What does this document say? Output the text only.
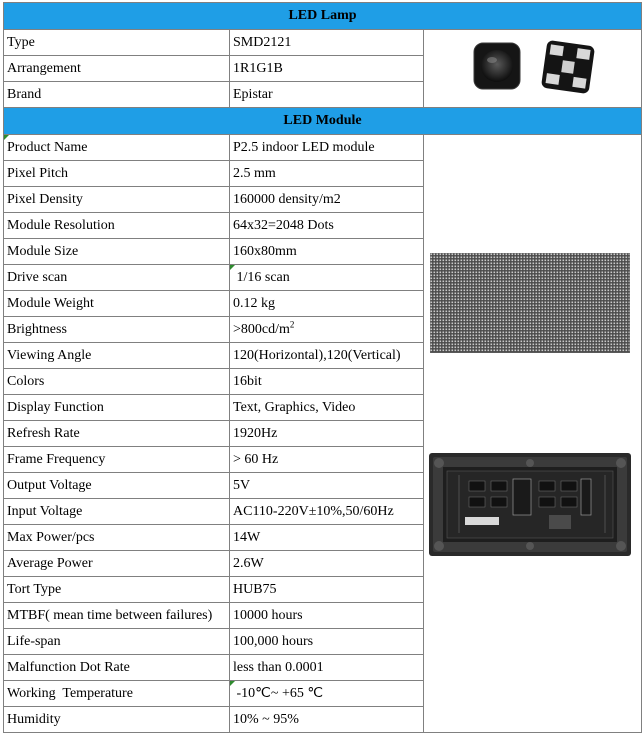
LED Lamp		
Type	SMD2121	

Arrangement	1R1G1B	
Brand	Epistar	
LED Module		

Product Name	P2.5 indoor LED module	

Pixel Pitch	2.5 mm	
Pixel Density	160000 density/m2	
Module Resolution	64x32=2048 Dots	
Module Size	160x80mm	
Drive scan	1/16 scan	
Module Weight	0.12 kg	
Brightness	$>800cd/m^2$
Viewing Angle	120(Horizontal),120(Vertical)	
Colors	16bit	
Display Function	Text, Graphics, Video	
Refresh Rate	1920Hz	
Frame Frequency	> 60 Hz	
Output Voltage	5V	
Input Voltage	AC110-220V±10%,50/60Hz	
Max Power/pcs	14W	
Average Power	2.6W	
Tort Type	HUB75	
MTBF( mean time between failures)	10000 hours	
Life-span	100,000 hours	
Malfunction Dot Rate	less than 0.0001	
Working  Temperature	-10℃~ +65 ℃	
Humidity	10% ~ 95%	
